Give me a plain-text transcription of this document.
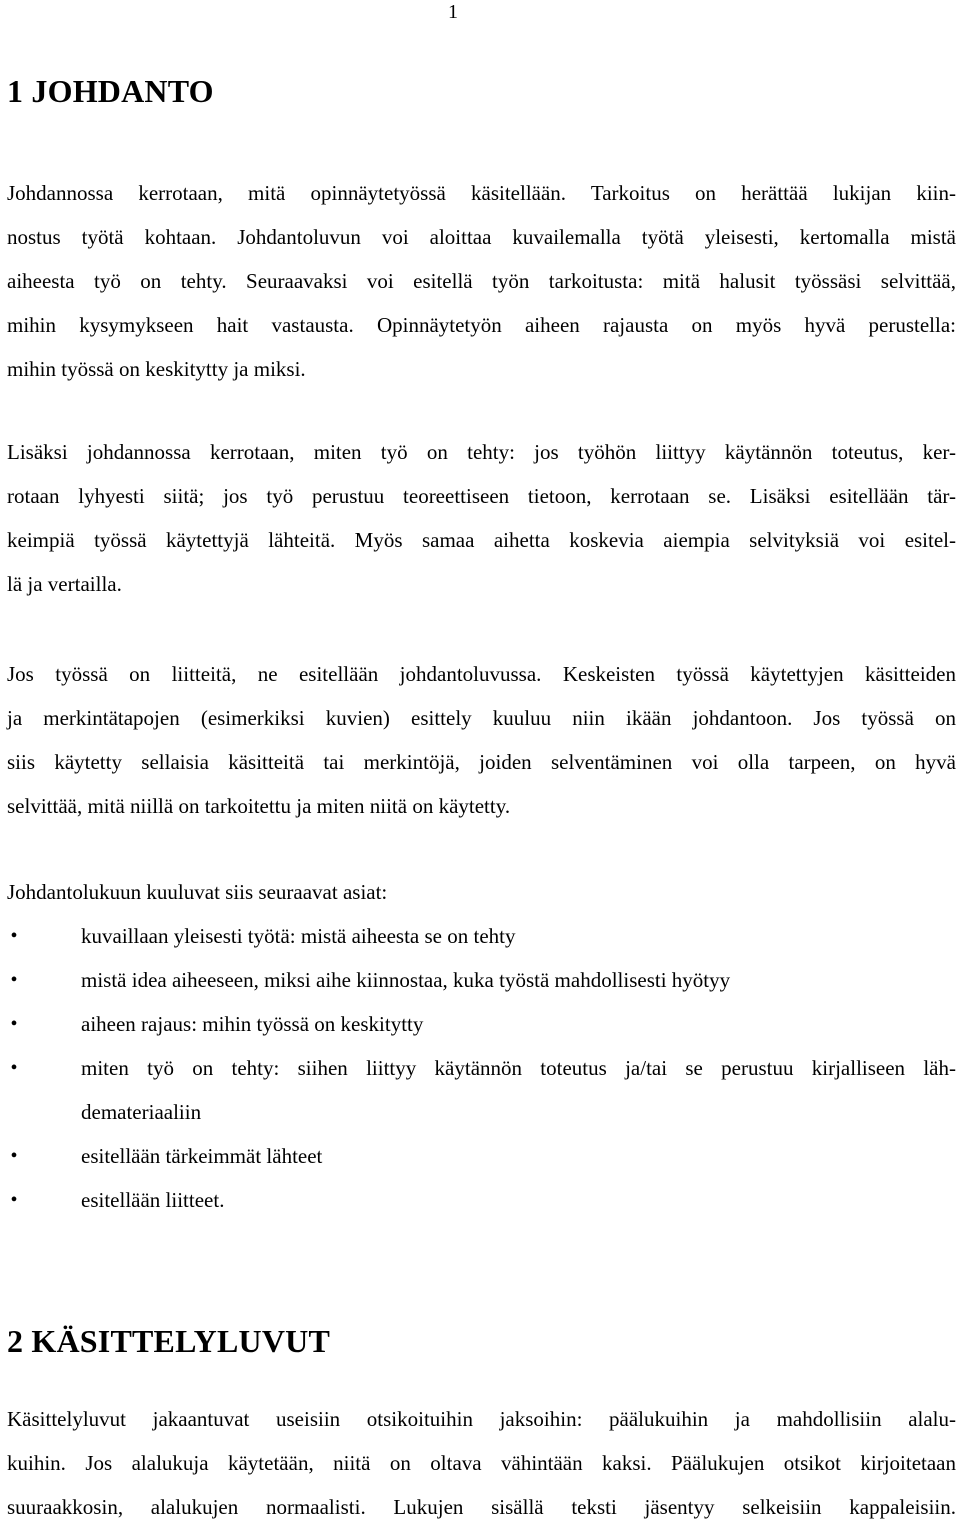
1
1 JOHDANTO

Johdannossa kerrotaan, mitä opinnäytetyössä käsitellään. Tarkoitus on herättää lukijan kiin-
nostus työtä kohtaan. Johdantoluvun voi aloittaa kuvailemalla työtä yleisesti, kertomalla mistä
aiheesta työ on tehty. Seuraavaksi voi esitellä työn tarkoitusta: mitä halusit työssäsi selvittää,
mihin kysymykseen hait vastausta. Opinnäytetyön aiheen rajausta on myös hyvä perustella:
mihin työssä on keskitytty ja miksi.

Lisäksi johdannossa kerrotaan, miten työ on tehty: jos työhön liittyy käytännön toteutus, ker-
rotaan lyhyesti siitä; jos työ perustuu teoreettiseen tietoon, kerrotaan se. Lisäksi esitellään tär-
keimpiä työssä käytettyjä lähteitä. Myös samaa aihetta koskevia aiempia selvityksiä voi esitel-
lä ja vertailla.

Jos työssä on liitteitä, ne esitellään johdantoluvussa. Keskeisten työssä käytettyjen käsitteiden
ja merkintätapojen (esimerkiksi kuvien) esittely kuuluu niin ikään johdantoon. Jos työssä on
siis käytetty sellaisia käsitteitä tai merkintöjä, joiden selventäminen voi olla tarpeen, on hyvä
selvittää, mitä niillä on tarkoitettu ja miten niitä on käytetty.

Johdantolukuun kuuluvat siis seuraavat asiat:

•	kuvaillaan yleisesti työtä: mistä aiheesta se on tehty
•	mistä idea aiheeseen, miksi aihe kiinnostaa, kuka työstä mahdollisesti hyötyy
•	aiheen rajaus: mihin työssä on keskitytty
•	miten työ on tehty: siihen liittyy käytännön toteutus ja/tai se perustuu kirjalliseen läh-
demateriaaliin
•	esitellään tärkeimmät lähteet
•	esitellään liitteet.
2 KÄSITTELYLUVUT

Käsittelyluvut jakaantuvat useisiin otsikoituihin jaksoihin: päälukuihin ja mahdollisiin alalu-
kuihin. Jos alalukuja käytetään, niitä on oltava vähintään kaksi. Päälukujen otsikot kirjoitetaan
suuraakkosin, alalukujen normaalisti. Lukujen sisällä teksti jäsentyy selkeisiin kappaleisiin.
